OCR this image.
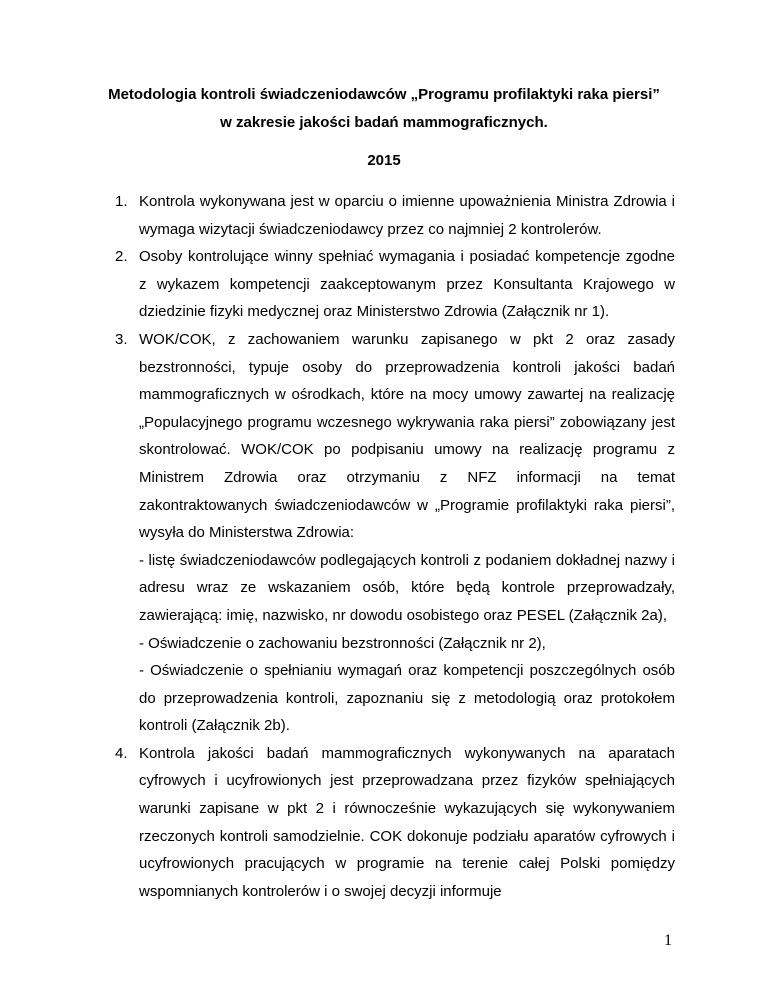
Metodologia kontroli świadczeniodawców „Programu profilaktyki raka piersi”

w zakresie jakości badań mammograficznych.

2015

1. Kontrola wykonywana jest w oparciu o imienne upoważnienia Ministra Zdrowia i wymaga wizytacji świadczeniodawcy przez co najmniej 2 kontrolerów.

2. Osoby kontrolujące winny spełniać wymagania i posiadać kompetencje zgodne z wykazem kompetencji zaakceptowanym przez Konsultanta Krajowego w dziedzinie fizyki medycznej oraz Ministerstwo Zdrowia (Załącznik nr 1).

3. WOK/COK, z zachowaniem warunku zapisanego w pkt 2 oraz zasady bezstronności, typuje osoby do przeprowadzenia kontroli jakości badań mammograficznych w ośrodkach, które na mocy umowy zawartej na realizację „Populacyjnego programu wczesnego wykrywania raka piersi” zobowiązany jest skontrolować. WOK/COK po podpisaniu umowy na realizację programu z Ministrem Zdrowia oraz otrzymaniu z NFZ informacji na temat zakontraktowanych świadczeniodawców w „Programie profilaktyki raka piersi”, wysyła do Ministerstwa Zdrowia:

- listę świadczeniodawców podlegających kontroli z podaniem dokładnej nazwy i adresu wraz ze wskazaniem osób, które będą kontrole przeprowadzały, zawierającą: imię, nazwisko, nr dowodu osobistego oraz PESEL (Załącznik 2a),

- Oświadczenie o zachowaniu bezstronności (Załącznik nr 2),

- Oświadczenie o spełnianiu wymagań oraz kompetencji poszczególnych osób do przeprowadzenia kontroli, zapoznaniu się z metodologią oraz protokołem kontroli (Załącznik 2b).

4. Kontrola jakości badań mammograficznych wykonywanych na aparatach cyfrowych i ucyfrowionych jest przeprowadzana przez fizyków spełniających warunki zapisane w pkt 2 i równocześnie wykazujących się wykonywaniem rzeczonych kontroli samodzielnie. COK dokonuje podziału aparatów cyfrowych i ucyfrowionych pracujących w programie na terenie całej Polski pomiędzy wspomnianych kontrolerów i o swojej decyzji informuje

1
